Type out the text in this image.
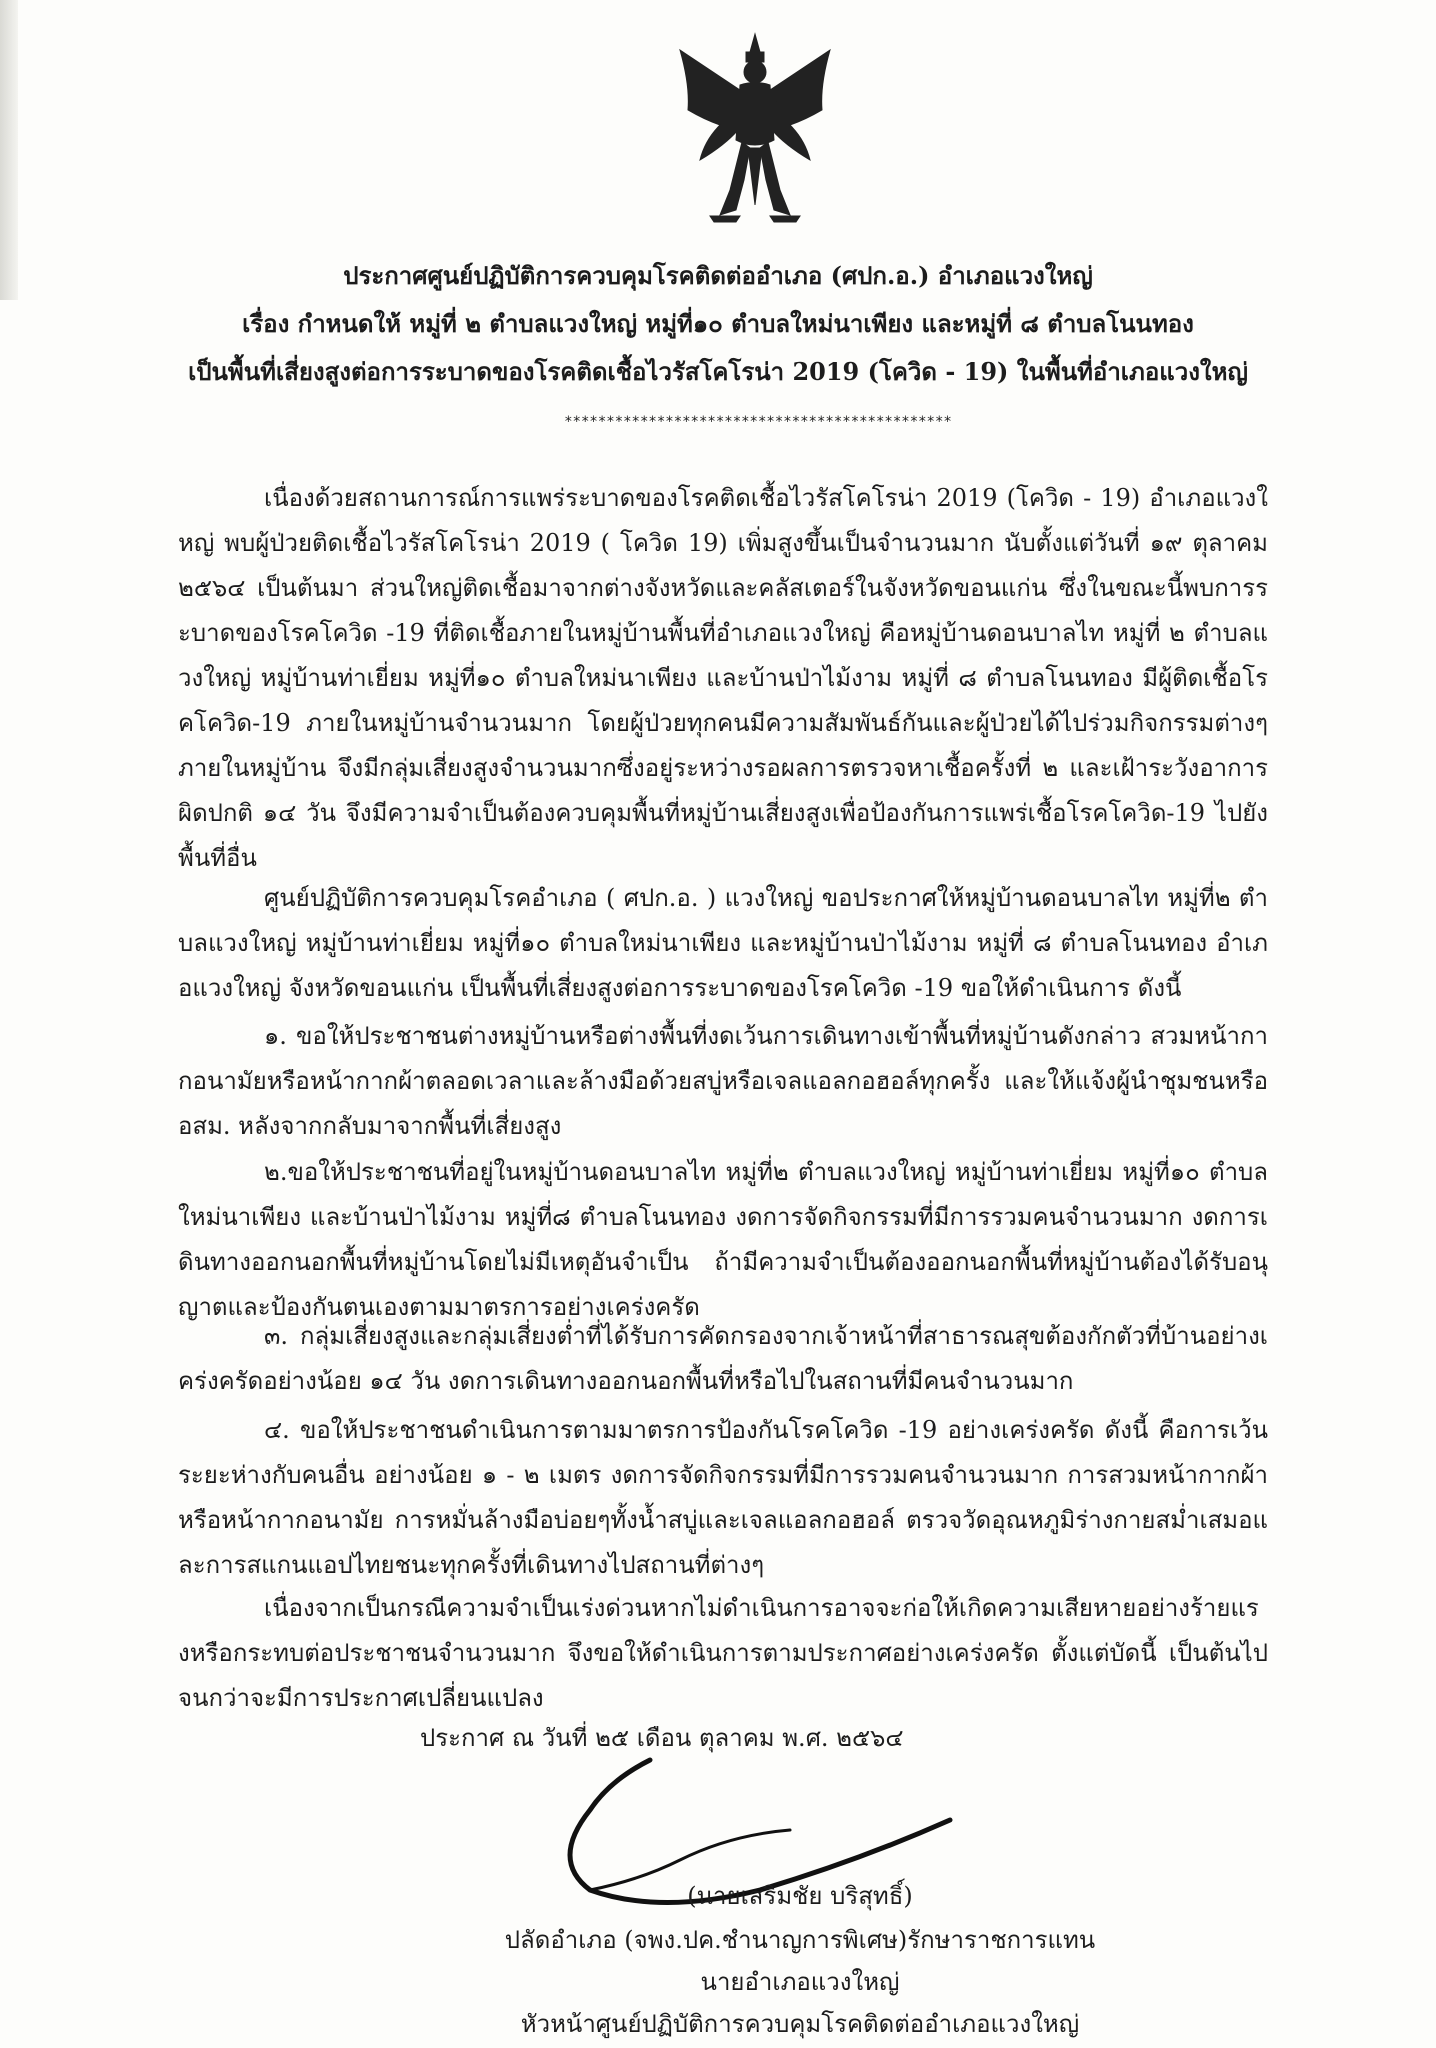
ประกาศศูนย์ปฏิบัติการควบคุมโรคติดต่ออำเภอ (ศปก.อ.) อำเภอแวงใหญ่
เรื่อง กำหนดให้ หมู่ที่ ๒ ตำบลแวงใหญ่ หมู่ที่๑๐ ตำบลใหม่นาเพียง และหมู่ที่ ๘ ตำบลโนนทอง
เป็นพื้นที่เสี่ยงสูงต่อการระบาดของโรคติดเชื้อไวรัสโคโรน่า 2019 (โควิด - 19) ในพื้นที่อำเภอแวงใหญ่
**********************************************

เนื่องด้วยสถานการณ์การแพร่ระบาดของโรคติดเชื้อไวรัสโคโรน่า 2019 (โควิด - 19) อำเภอแวงใหญ่ พบผู้ป่วยติดเชื้อไวรัสโคโรน่า 2019 ( โควิด 19) เพิ่มสูงขึ้นเป็นจำนวนมาก นับตั้งแต่วันที่ ๑๙ ตุลาคม ๒๕๖๔ เป็นต้นมา ส่วนใหญ่ติดเชื้อมาจากต่างจังหวัดและคลัสเตอร์ในจังหวัดขอนแก่น ซึ่งในขณะนี้พบการระบาดของโรคโควิด -19 ที่ติดเชื้อภายในหมู่บ้านพื้นที่อำเภอแวงใหญ่ คือหมู่บ้านดอนบาลไท หมู่ที่ ๒ ตำบลแวงใหญ่ หมู่บ้านท่าเยี่ยม หมู่ที่๑๐ ตำบลใหม่นาเพียง และบ้านป่าไม้งาม หมู่ที่ ๘ ตำบลโนนทอง มีผู้ติดเชื้อโรคโควิด-19 ภายในหมู่บ้านจำนวนมาก โดยผู้ป่วยทุกคนมีความสัมพันธ์กันและผู้ป่วยได้ไปร่วมกิจกรรมต่างๆภายในหมู่บ้าน จึงมีกลุ่มเสี่ยงสูงจำนวนมากซึ่งอยู่ระหว่างรอผลการตรวจหาเชื้อครั้งที่ ๒ และเฝ้าระวังอาการผิดปกติ ๑๔ วัน จึงมีความจำเป็นต้องควบคุมพื้นที่หมู่บ้านเสี่ยงสูงเพื่อป้องกันการแพร่เชื้อโรคโควิด-19 ไปยังพื้นที่อื่น

ศูนย์ปฏิบัติการควบคุมโรคอำเภอ ( ศปก.อ. ) แวงใหญ่ ขอประกาศให้หมู่บ้านดอนบาลไท หมู่ที่๒ ตำบลแวงใหญ่ หมู่บ้านท่าเยี่ยม หมู่ที่๑๐ ตำบลใหม่นาเพียง และหมู่บ้านป่าไม้งาม หมู่ที่ ๘ ตำบลโนนทอง อำเภอแวงใหญ่ จังหวัดขอนแก่น เป็นพื้นที่เสี่ยงสูงต่อการระบาดของโรคโควิด -19 ขอให้ดำเนินการ ดังนี้

๑. ขอให้ประชาชนต่างหมู่บ้านหรือต่างพื้นที่งดเว้นการเดินทางเข้าพื้นที่หมู่บ้านดังกล่าว สวมหน้ากากอนามัยหรือหน้ากากผ้าตลอดเวลาและล้างมือด้วยสบู่หรือเจลแอลกอฮอล์ทุกครั้ง และให้แจ้งผู้นำชุมชนหรือ อสม. หลังจากกลับมาจากพื้นที่เสี่ยงสูง

๒.ขอให้ประชาชนที่อยู่ในหมู่บ้านดอนบาลไท หมู่ที่๒ ตำบลแวงใหญ่ หมู่บ้านท่าเยี่ยม หมู่ที่๑๐ ตำบลใหม่นาเพียง และบ้านป่าไม้งาม หมู่ที่๘ ตำบลโนนทอง งดการจัดกิจกรรมที่มีการรวมคนจำนวนมาก งดการเดินทางออกนอกพื้นที่หมู่บ้านโดยไม่มีเหตุอันจำเป็น ถ้ามีความจำเป็นต้องออกนอกพื้นที่หมู่บ้านต้องได้รับอนุญาตและป้องกันตนเองตามมาตรการอย่างเคร่งครัด

๓. กลุ่มเสี่ยงสูงและกลุ่มเสี่ยงต่ำที่ได้รับการคัดกรองจากเจ้าหน้าที่สาธารณสุขต้องกักตัวที่บ้านอย่างเคร่งครัดอย่างน้อย ๑๔ วัน งดการเดินทางออกนอกพื้นที่หรือไปในสถานที่มีคนจำนวนมาก

๔. ขอให้ประชาชนดำเนินการตามมาตรการป้องกันโรคโควิด -19 อย่างเคร่งครัด ดังนี้ คือการเว้นระยะห่างกับคนอื่น อย่างน้อย ๑ - ๒ เมตร งดการจัดกิจกรรมที่มีการรวมคนจำนวนมาก การสวมหน้ากากผ้าหรือหน้ากากอนามัย การหมั่นล้างมือบ่อยๆทั้งน้ำสบู่และเจลแอลกอฮอล์ ตรวจวัดอุณหภูมิร่างกายสม่ำเสมอและการสแกนแอปไทยชนะทุกครั้งที่เดินทางไปสถานที่ต่างๆ

เนื่องจากเป็นกรณีความจำเป็นเร่งด่วนหากไม่ดำเนินการอาจจะก่อให้เกิดความเสียหายอย่างร้ายแรงหรือกระทบต่อประชาชนจำนวนมาก จึงขอให้ดำเนินการตามประกาศอย่างเคร่งครัด ตั้งแต่บัดนี้ เป็นต้นไป จนกว่าจะมีการประกาศเปลี่ยนแปลง

ประกาศ ณ วันที่ ๒๕ เดือน ตุลาคม พ.ศ. ๒๕๖๔
(นายเสริมชัย บริสุทธิ์)
ปลัดอำเภอ (จพง.ปค.ชำนาญการพิเศษ)รักษาราชการแทน
นายอำเภอแวงใหญ่
หัวหน้าศูนย์ปฏิบัติการควบคุมโรคติดต่ออำเภอแวงใหญ่
